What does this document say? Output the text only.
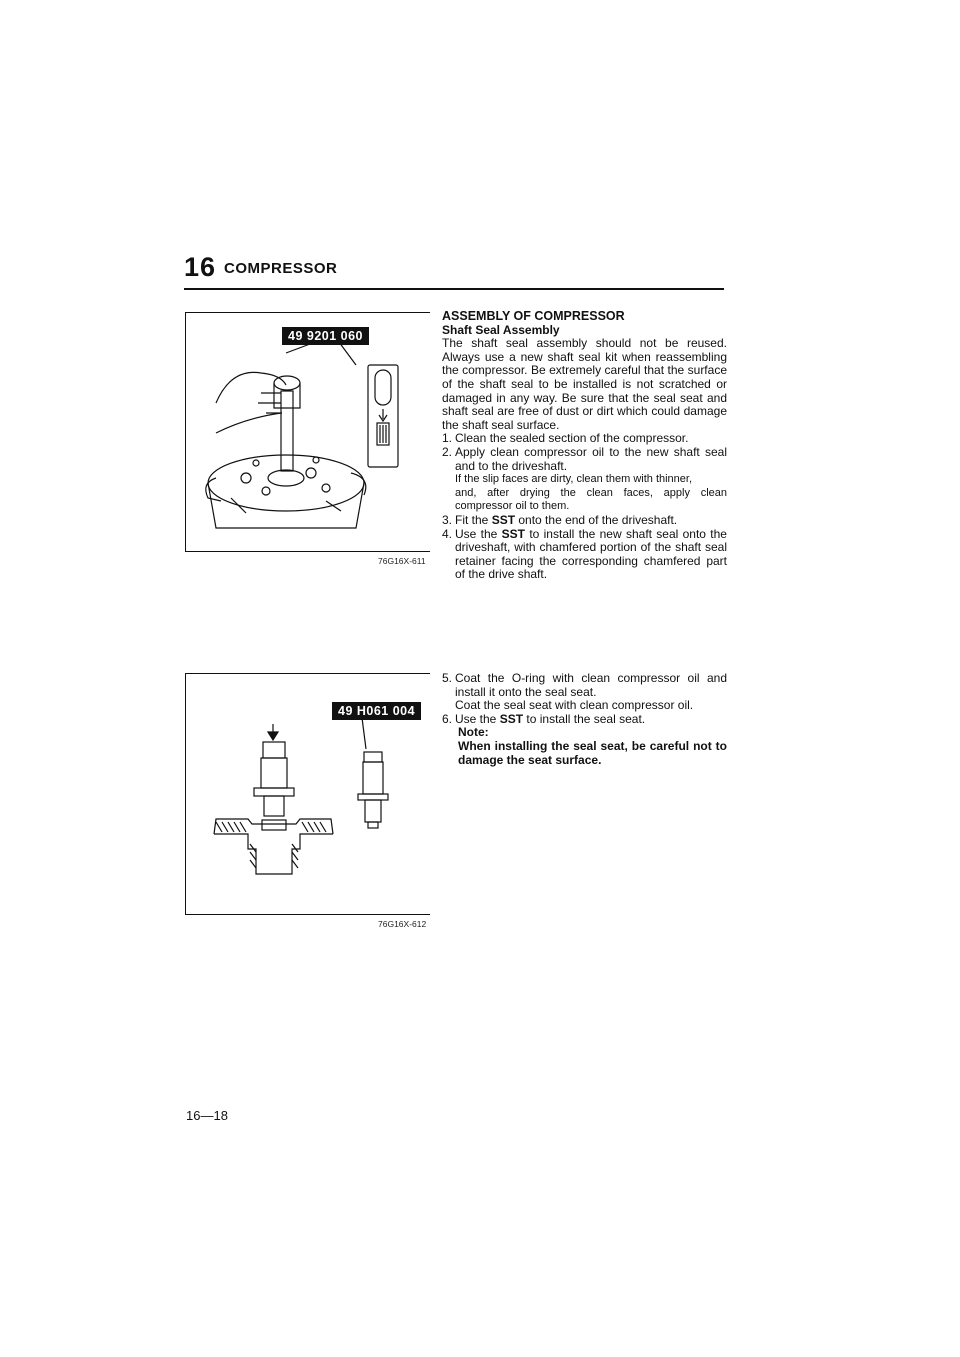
16 COMPRESSOR
49 9201 060
76G16X-611
49 H061 004
76G16X-612

ASSEMBLY OF COMPRESSOR

Shaft Seal Assembly

The shaft seal assembly should not be reused. Always use a new shaft seal kit when reassembling the compressor. Be extremely careful that the surface of the shaft seal to be installed is not scratched or damaged in any way. Be sure that the seal seat and shaft seal are free of dust or dirt which could damage the shaft seal surface.

1. Clean the sealed section of the compressor.
2. Apply clean compressor oil to the new shaft seal and to the driveshaft.

If the slip faces are dirty, clean them with thinner,

and, after drying the clean faces, apply clean compressor oil to them.

3. Fit the SST onto the end of the driveshaft.
4. Use the SST to install the new shaft seal onto the driveshaft, with chamfered portion of the shaft seal retainer facing the corresponding chamfered part of the drive shaft.
5. Coat the O-ring with clean compressor oil and install it onto the seal seat.

Coat the seal seat with clean compressor oil.

6. Use the SST to install the seal seat.

Note:

When installing the seal seat, be careful not to damage the seat surface.

16—18
